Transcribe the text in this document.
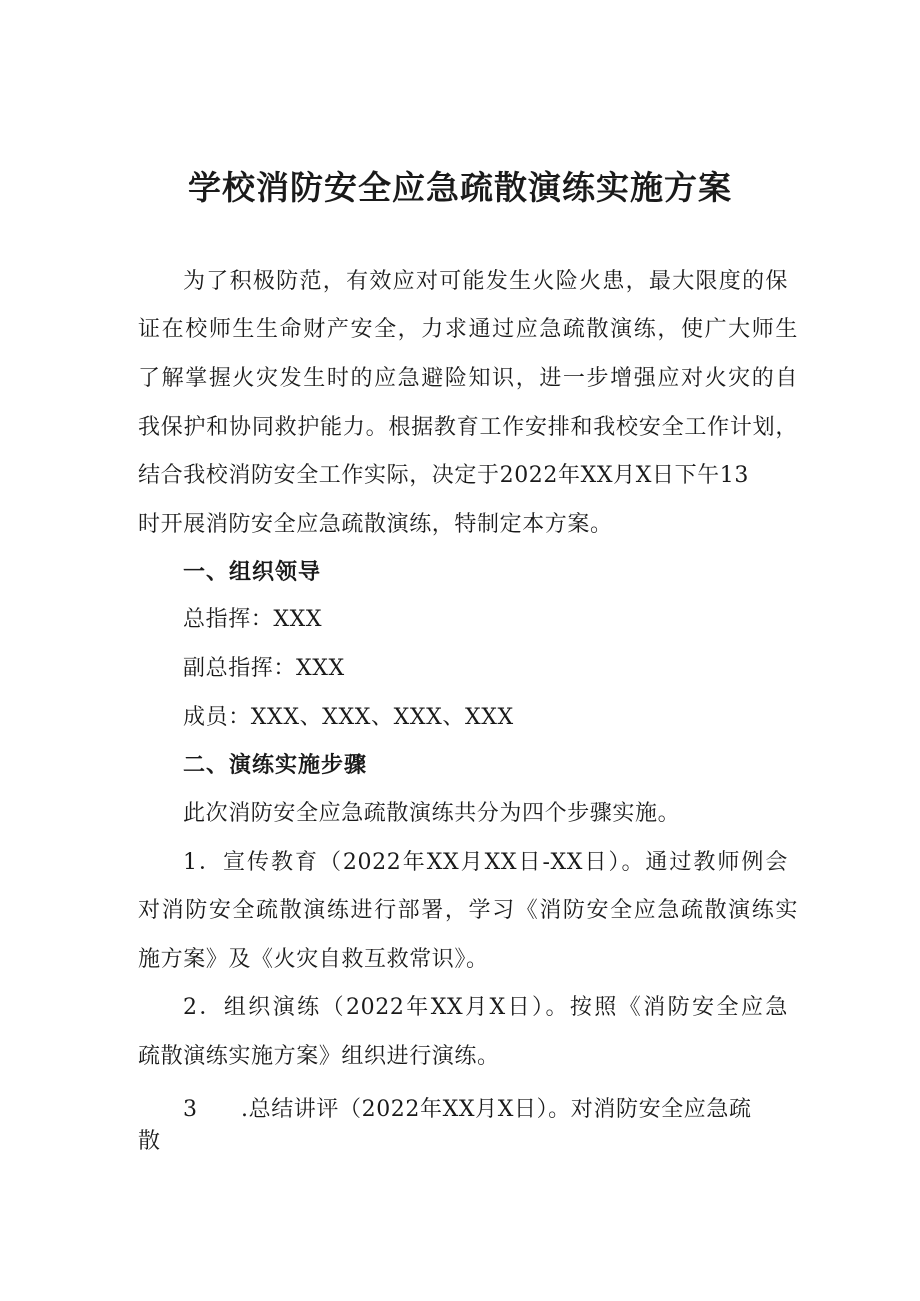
学校消防安全应急疏散演练实施方案

为了积极防范，有效应对可能发生火险火患，最大限度的保

证在校师生生命财产安全，力求通过应急疏散演练，使广大师生

了解掌握火灾发生时的应急避险知识，进一步增强应对火灾的自

我保护和协同救护能力。根据教育工作安排和我校安全工作计划，

结合我校消防安全工作实际，决定于2022年XX月X日下午13

时开展消防安全应急疏散演练，特制定本方案。

一、组织领导

总指挥：XXX

副总指挥：XXX

成员：XXX、XXX、XXX、XXX

二、演练实施步骤

此次消防安全应急疏散演练共分为四个步骤实施。

1．宣传教育（2022年XX月XX日-XX日）。通过教师例会

对消防安全疏散演练进行部署，学习《消防安全应急疏散演练实

施方案》及《火灾自救互救常识》。

2．组织演练（2022年XX月X日）。按照《消防安全应急

疏散演练实施方案》组织进行演练。

3 .总结讲评（2022年XX月X日）。对消防安全应急疏

散
